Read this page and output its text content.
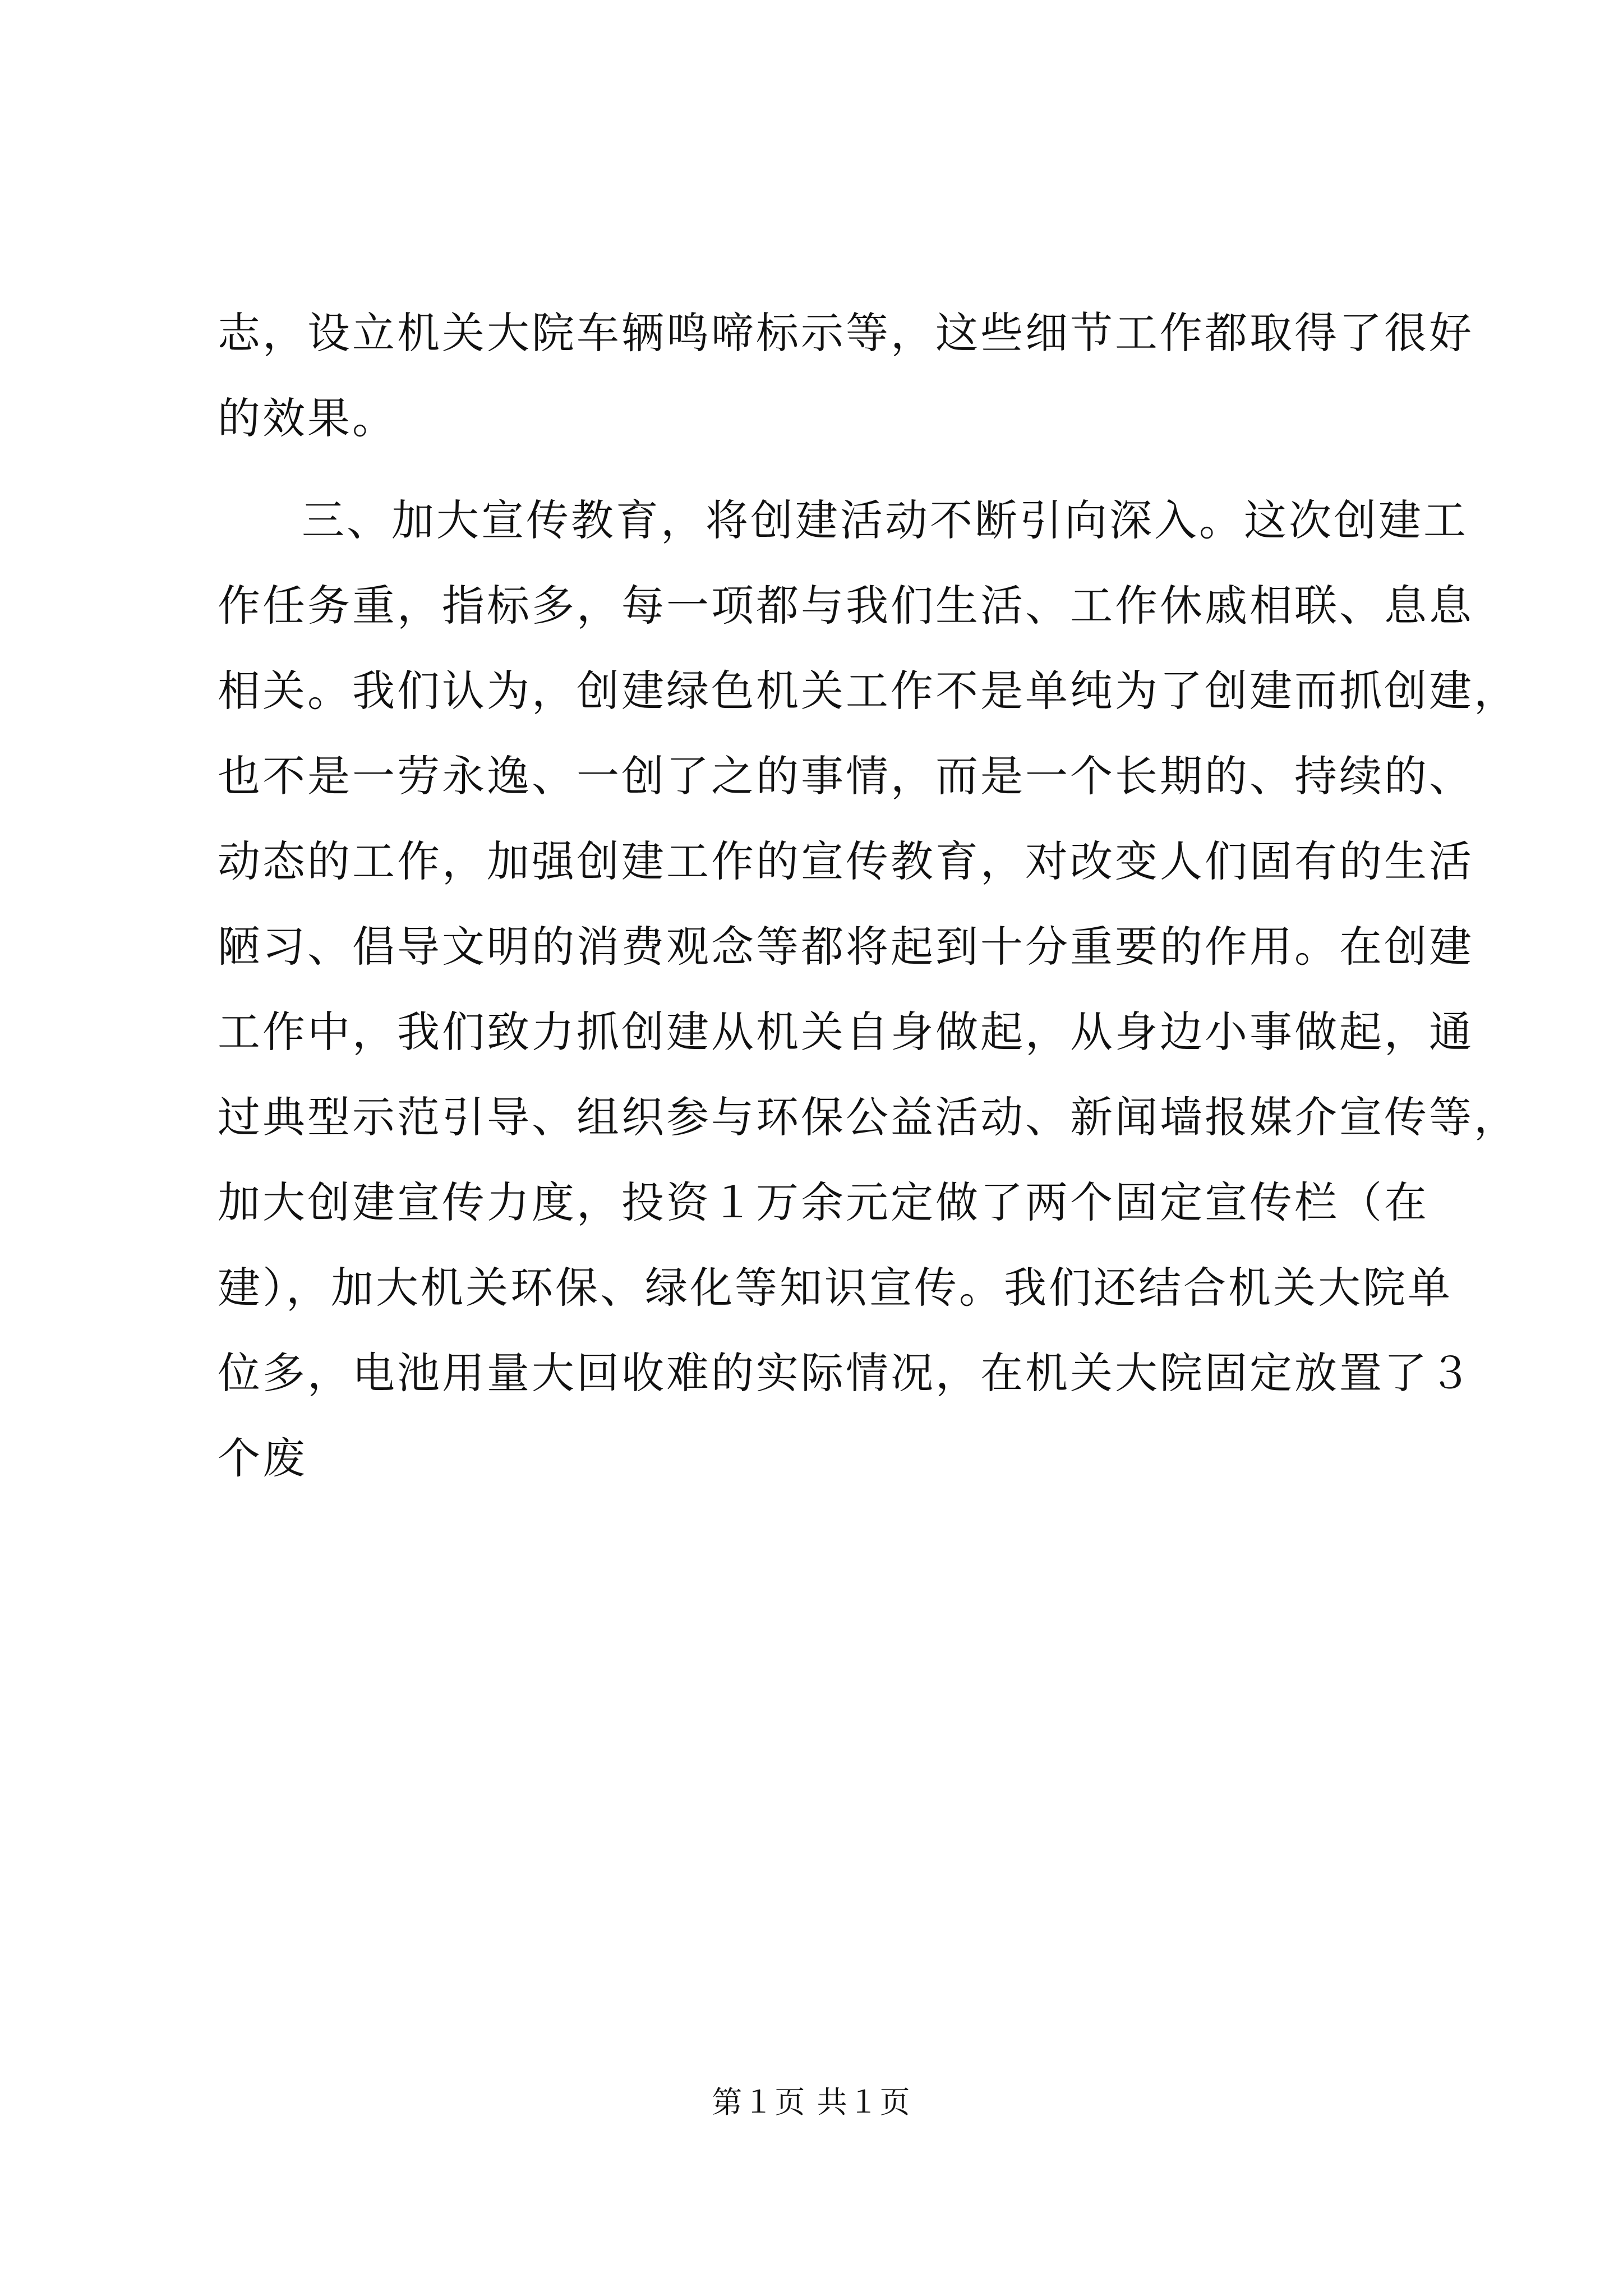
志，设立机关大院车辆鸣啼标示等，这些细节工作都取得了很好
的效果。
三、加大宣传教育，将创建活动不断引向深入。这次创建工
作任务重，指标多，每一项都与我们生活、工作休戚相联、息息
相关。我们认为，创建绿色机关工作不是单纯为了创建而抓创建，
也不是一劳永逸、一创了之的事情，而是一个长期的、持续的、
动态的工作，加强创建工作的宣传教育，对改变人们固有的生活
陋习、倡导文明的消费观念等都将起到十分重要的作用。在创建
工作中，我们致力抓创建从机关自身做起，从身边小事做起，通
过典型示范引导、组织参与环保公益活动、新闻墙报媒介宣传等，
加大创建宣传力度，投资１万余元定做了两个固定宣传栏（在
建），加大机关环保、绿化等知识宣传。我们还结合机关大院单
位多，电池用量大回收难的实际情况，在机关大院固定放置了３
个废
第１页 共１页
